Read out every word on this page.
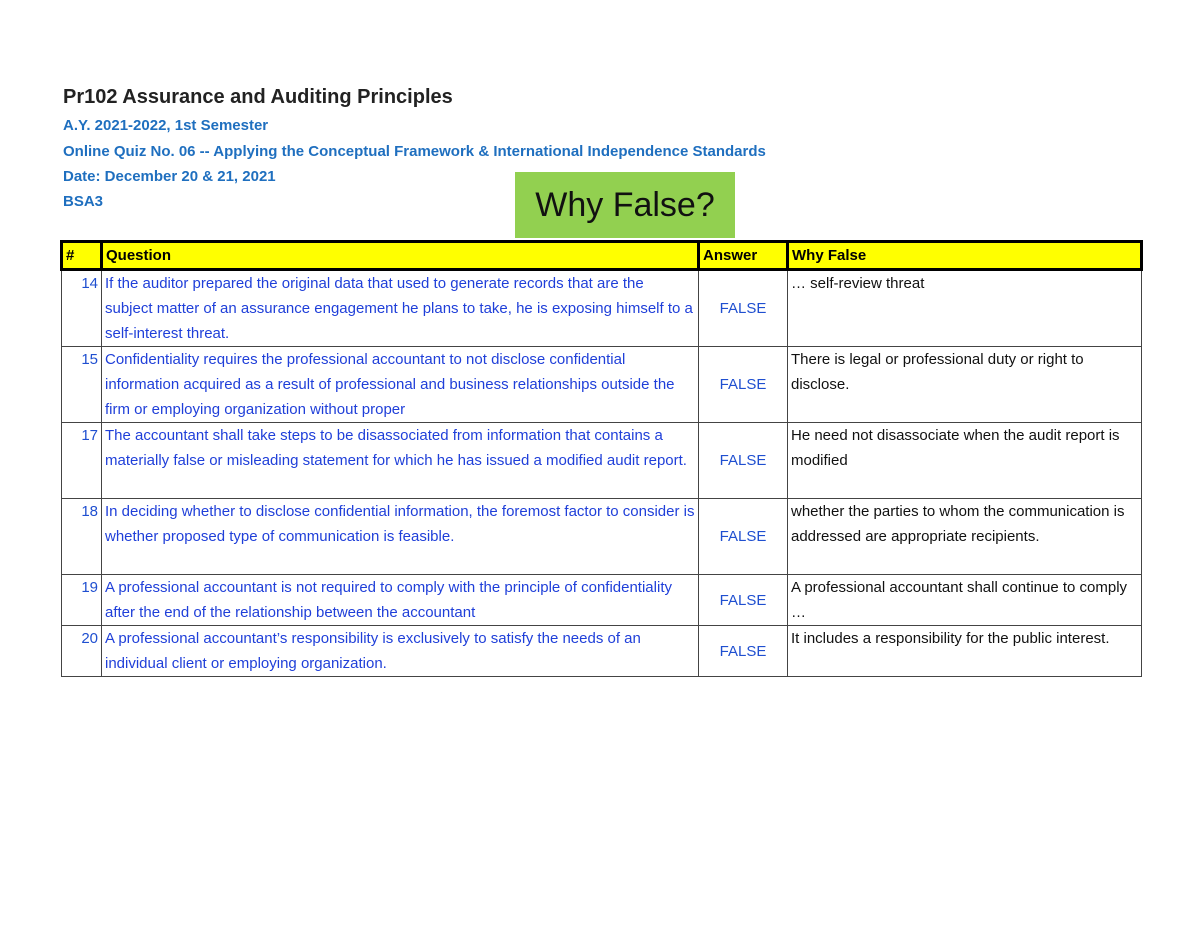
Pr102 Assurance and Auditing Principles
A.Y. 2021-2022, 1st Semester
Online Quiz No. 06 -- Applying the Conceptual Framework & International Independence Standards
Date: December 20 & 21, 2021
BSA3	Why False?
#	Question	Answer	Why False
14	If the auditor prepared the original data that used to generate records that are the subject matter of an assurance engagement he plans to take, he is exposing himself to a self-interest threat.	FALSE	… self-review threat
15	Confidentiality requires the professional accountant to not disclose confidential information acquired as a result of professional and business relationships outside the firm or employing organization without proper	FALSE	There is legal or professional duty or right to disclose.
17	The accountant shall take steps to be disassociated from information that contains a materially false or misleading statement for which he has issued a modified audit report.	FALSE	He need not disassociate when the audit report is modified
18	In deciding whether to disclose confidential information, the foremost factor to consider is whether proposed type of communication is feasible.	FALSE	whether the parties to whom the communication is addressed are appropriate recipients.
19	A professional accountant is not required to comply with the principle of confidentiality after the end of the relationship between the accountant	FALSE	A professional accountant shall continue to comply …
20	A professional accountant’s responsibility is exclusively to satisfy the needs of an individual client or employing organization.	FALSE	It includes a responsibility for the public interest.
